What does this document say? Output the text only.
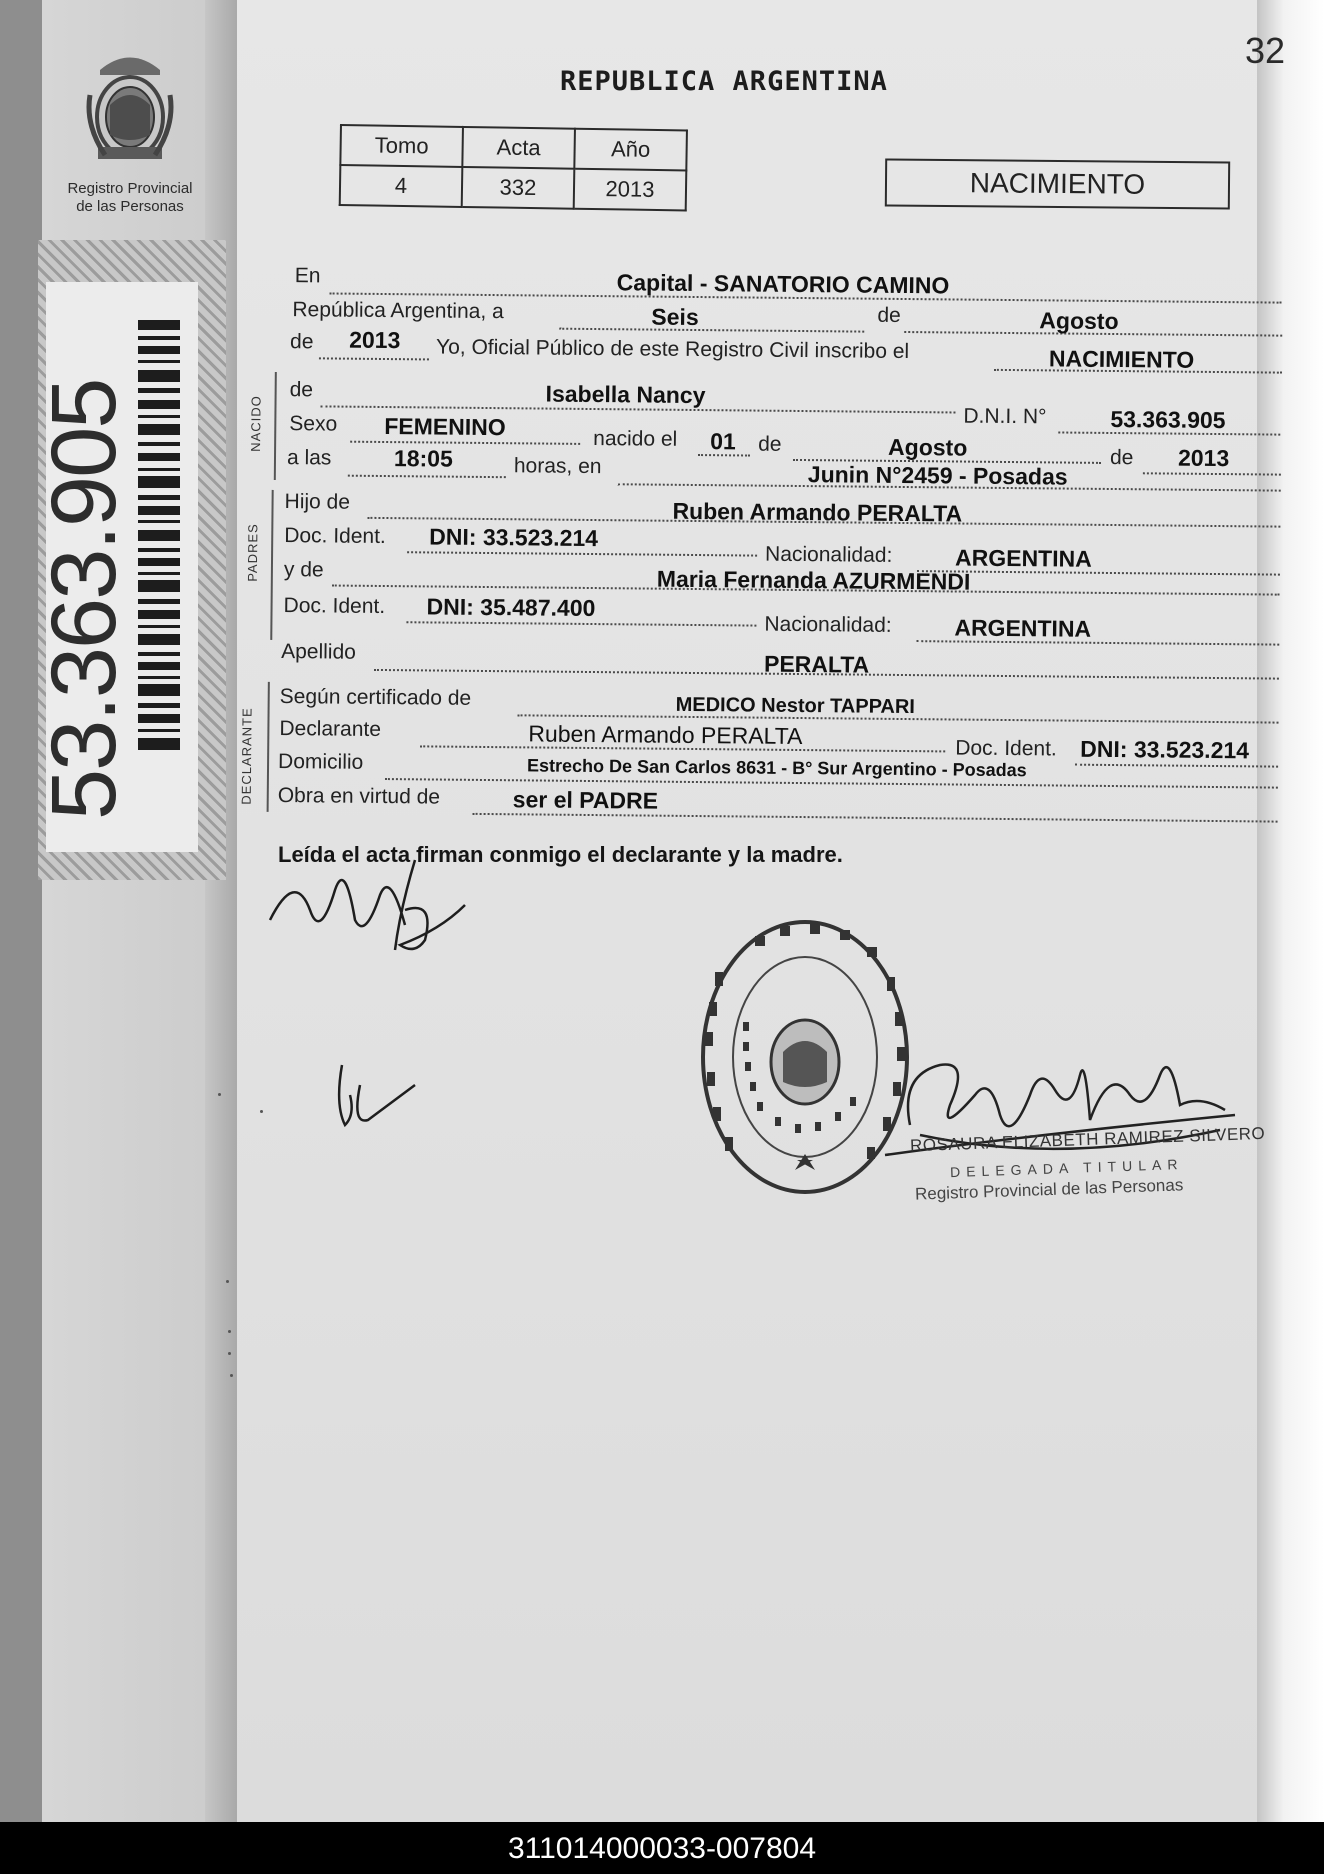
Registro Provincial
de las Personas
53.363.905
32
REPUBLICA ARGENTINA
Tomo	Acta	Año
4	332	2013	NACIMIENTO
En	Capital - SANATORIO CAMINO
República Argentina, a	Seis	de	Agosto
de 2013 Yo, Oficial Público de este Registro Civil inscribo el	NACIMIENTO
NACIDO
de	Isabella Nancy
D.N.I. N°	53.363.905
Sexo FEMENINO	nacido el 01 de	Agosto	de 2013
a las	18:05	horas, en	Junin N°2459 - Posadas
PADRES
Hijo de	Ruben Armando PERALTA
Doc. Ident. DNI: 33.523.214
Nacionalidad:	ARGENTINA
y de	Maria Fernanda AZURMENDI
Doc. Ident. DNI: 35.487.400
Nacionalidad:	ARGENTINA
Apellido	PERALTA
DECLARANTE
Según certificado de	MEDICO Nestor TAPPARI
Declarante	Ruben Armando PERALTA	Doc. Ident. DNI: 33.523.214
Domicilio	Estrecho De San Carlos 8631 - B° Sur Argentino - Posadas
Obra en virtud de	ser el PADRE
Leída el acta firman conmigo el declarante y la madre.
ROSAURA ELIZABETH RAMIREZ SILVERO
DELEGADA TITULAR
Registro Provincial de las Personas
311014000033-007804
